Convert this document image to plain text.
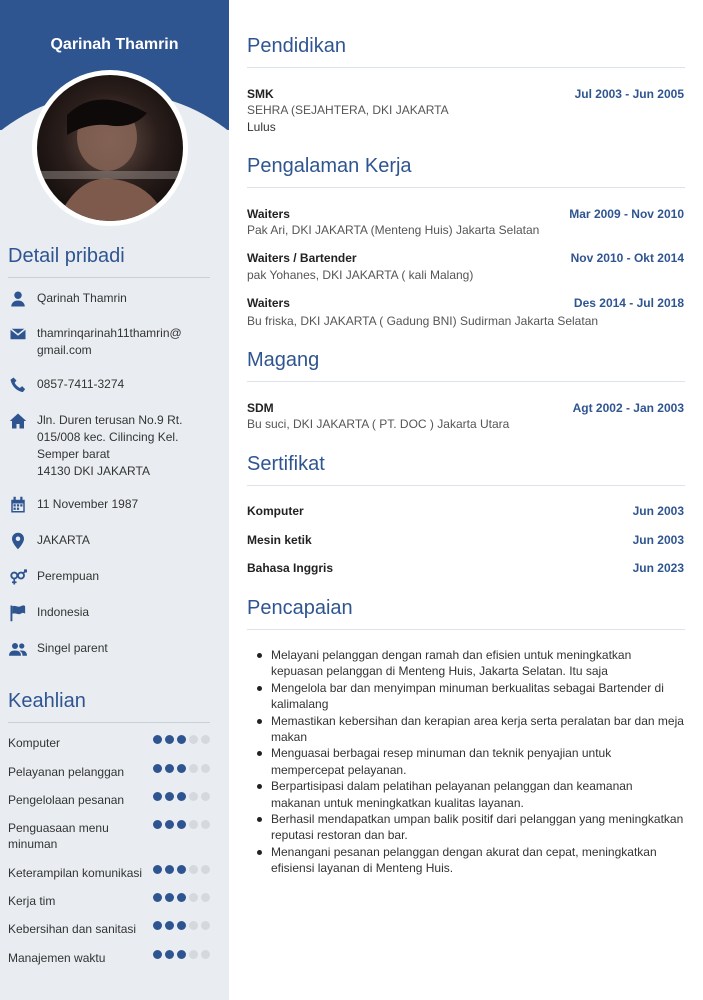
Qarinah Thamrin
Detail pribadi
Qarinah Thamrin
thamrinqarinah11thamrin@
gmail.com
0857-7411-3274
Jln. Duren terusan No.9 Rt.
015/008 kec. Cilincing Kel.
Semper barat
14130 DKI JAKARTA
11 November 1987
JAKARTA
Perempuan
Indonesia
Singel parent
Keahlian
Komputer
Pelayanan pelanggan
Pengelolaan pesanan
Penguasaan menu minuman
Keterampilan komunikasi
Kerja tim
Kebersihan dan sanitasi
Manajemen waktu
Pendidikan
SMK	Jul 2003 - Jun 2005
SEHRA (SEJAHTERA, DKI JAKARTA
Lulus
Pengalaman Kerja
Waiters	Mar 2009 - Nov 2010
Pak Ari, DKI JAKARTA (Menteng Huis) Jakarta Selatan
Waiters / Bartender	Nov 2010 - Okt 2014
pak Yohanes, DKI JAKARTA ( kali Malang)
Waiters	Des 2014 - Jul 2018
Bu friska, DKI JAKARTA ( Gadung BNI) Sudirman Jakarta Selatan
Magang
SDM	Agt 2002 - Jan 2003
Bu suci, DKI JAKARTA ( PT. DOC ) Jakarta Utara
Sertifikat
Komputer	Jun 2003
Mesin ketik	Jun 2003
Bahasa Inggris	Jun 2023
Pencapaian
Melayani pelanggan dengan ramah dan efisien untuk meningkatkan kepuasan pelanggan di Menteng Huis, Jakarta Selatan. Itu saja
Mengelola bar dan menyimpan minuman berkualitas sebagai Bartender di kalimalang
Memastikan kebersihan dan kerapian area kerja serta peralatan bar dan meja makan
Menguasai berbagai resep minuman dan teknik penyajian untuk mempercepat pelayanan.
Berpartisipasi dalam pelatihan pelayanan pelanggan dan keamanan makanan untuk meningkatkan kualitas layanan.
Berhasil mendapatkan umpan balik positif dari pelanggan yang meningkatkan reputasi restoran dan bar.
Menangani pesanan pelanggan dengan akurat dan cepat, meningkatkan efisiensi layanan di Menteng Huis.
